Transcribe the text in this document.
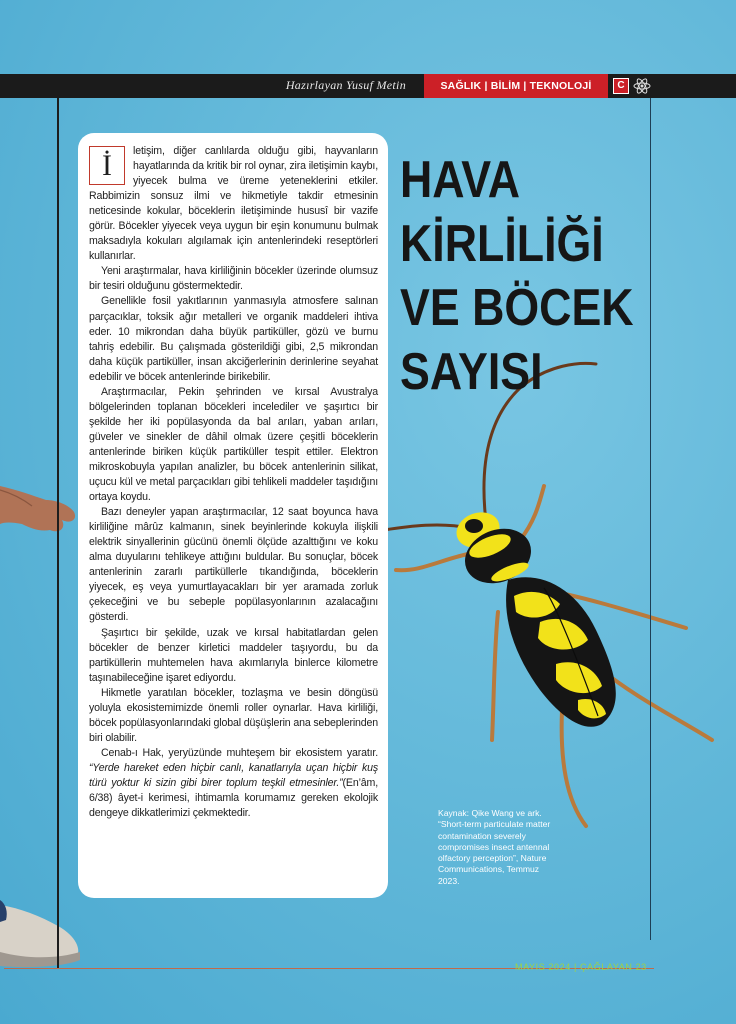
Hazırlayan Yusuf Metin	SAĞLIK | BİLİM | TEKNOLOJİ	C
HAVA
KİRLİLİĞİ
VE BÖCEK
SAYISI

İ letişim, diğer canlılarda olduğu gibi, hayvanların hayatlarında da kritik bir rol oynar, zira iletişimin kaybı, yiyecek bulma ve üreme yeteneklerini etkiler. Rabbimizin sonsuz ilmi ve hikmetiyle takdir etmesinin neticesinde kokular, böceklerin iletişiminde hususî bir vazife görür. Böcekler yiyecek veya uygun bir eşin konumunu bulmak maksadıyla kokuları algılamak için antenlerindeki reseptörleri kullanırlar.

Yeni araştırmalar, hava kirliliğinin böcekler üzerinde olumsuz bir tesiri olduğunu göstermektedir.

Genellikle fosil yakıtlarının yanmasıyla atmosfere salınan parçacıklar, toksik ağır metalleri ve organik maddeleri ihtiva eder. 10 mikrondan daha büyük partiküller, gözü ve burnu tahriş edebilir. Bu çalışmada gösterildiği gibi, 2,5 mikrondan daha küçük partiküller, insan akciğerlerinin derinlerine seyahat edebilir ve böcek antenlerinde birikebilir.

Araştırmacılar, Pekin şehrinden ve kırsal Avustralya bölgelerinden toplanan böcekleri incelediler ve şaşırtıcı bir şekilde her iki popülasyonda da bal arıları, yaban arıları, güveler ve sinekler de dâhil olmak üzere çeşitli böceklerin antenlerinde biriken küçük partiküller tespit ettiler. Elektron mikroskobuyla yapılan analizler, bu böcek antenlerinin silikat, uçucu kül ve metal parçacıkları gibi tehlikeli maddeler taşıdığını ortaya koydu.

Bazı deneyler yapan araştırmacılar, 12 saat boyunca hava kirliliğine mârûz kalmanın, sinek beyinlerinde kokuyla ilişkili elektrik sinyallerinin gücünü önemli ölçüde azalttığını ve koku alma duyularını tehlikeye attığını buldular. Bu sonuçlar, böcek antenlerinin zararlı partiküllerle tıkandığında, böceklerin yiyecek, eş veya yumurtlayacakları bir yer aramada zorluk çekeceğini ve bu sebeple popülasyonlarının azalacağını gösterdi.

Şaşırtıcı bir şekilde, uzak ve kırsal habitatlardan gelen böcekler de benzer kirletici maddeler taşıyordu, bu da partiküllerin muhtemelen hava akımlarıyla binlerce kilometre taşınabileceğine işaret ediyordu.

Hikmetle yaratılan böcekler, tozlaşma ve besin döngüsü yoluyla ekosistemimizde önemli roller oynarlar. Hava kirliliği, böcek popülasyonlarındaki global düşüşlerin ana sebeplerinden biri olabilir.

Cenab-ı Hak, yeryüzünde muhteşem bir ekosistem yaratır. “Yerde hareket eden hiçbir canlı, kanatlarıyla uçan hiçbir kuş türü yoktur ki sizin gibi birer toplum teşkil etmesinler.”(En’âm, 6/38) âyet-i kerimesi, ihtimamla korumamız gereken ekolojik dengeye dikkatlerimizi çekmektedir.	Kaynak: Qike Wang ve ark.
“Short-term particulate matter
contamination severely
compromises insect antennal
olfactory perception”, Nature
Communications, Temmuz
2023.
MAYIS 2024 | ÇAĞLAYAN 23
